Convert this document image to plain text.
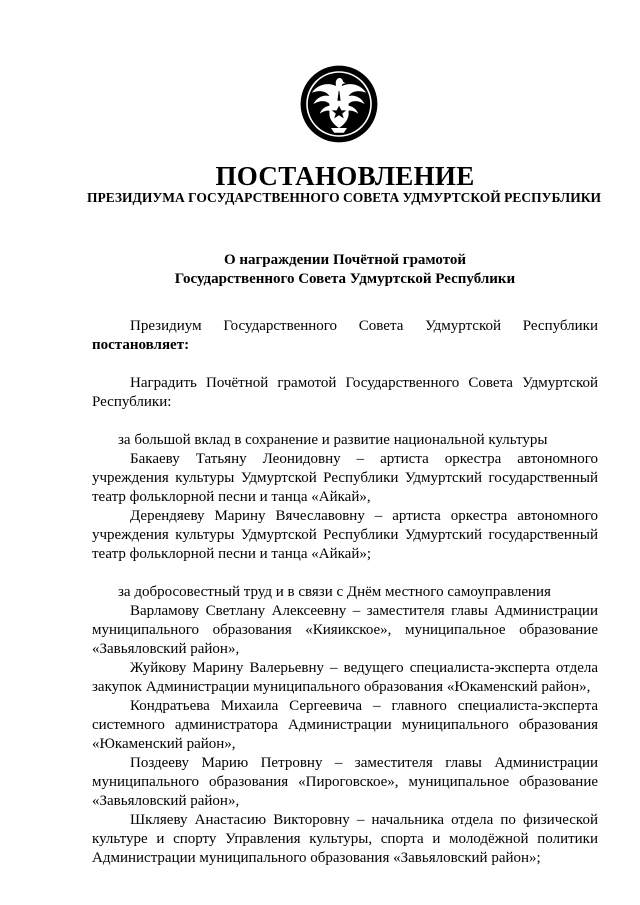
ПОСТАНОВЛЕНИЕ
ПРЕЗИДИУМА ГОСУДАРСТВЕННОГО СОВЕТА УДМУРТСКОЙ РЕСПУБЛИКИ
О награждении Почётной грамотой
Государственного Совета Удмуртской Республики

Президиум Государственного Совета Удмуртской Республики

постановляет:

Наградить Почётной грамотой Государственного Совета Удмуртской Республики:

за большой вклад в сохранение и развитие национальной культуры

Бакаеву Татьяну Леонидовну – артиста оркестра автономного учреждения культуры Удмуртской Республики Удмуртский государственный театр фольклорной песни и танца «Айкай»,

Дерендяеву Марину Вячеславовну – артиста оркестра автономного учреждения культуры Удмуртской Республики Удмуртский государственный театр фольклорной песни и танца «Айкай»;

за добросовестный труд и в связи с Днём местного самоуправления

Варламову Светлану Алексеевну – заместителя главы Администрации муниципального образования «Кияикское», муниципальное образование «Завьяловский район»,

Жуйкову Марину Валерьевну – ведущего специалиста-эксперта отдела закупок Администрации муниципального образования «Юкаменский район»,

Кондратьева Михаила Сергеевича – главного специалиста-эксперта системного администратора Администрации муниципального образования «Юкаменский район»,

Поздееву Марию Петровну – заместителя главы Администрации муниципального образования «Пироговское», муниципальное образование «Завьяловский район»,

Шкляеву Анастасию Викторовну – начальника отдела по физической культуре и спорту Управления культуры, спорта и молодёжной политики Администрации муниципального образования «Завьяловский район»;
